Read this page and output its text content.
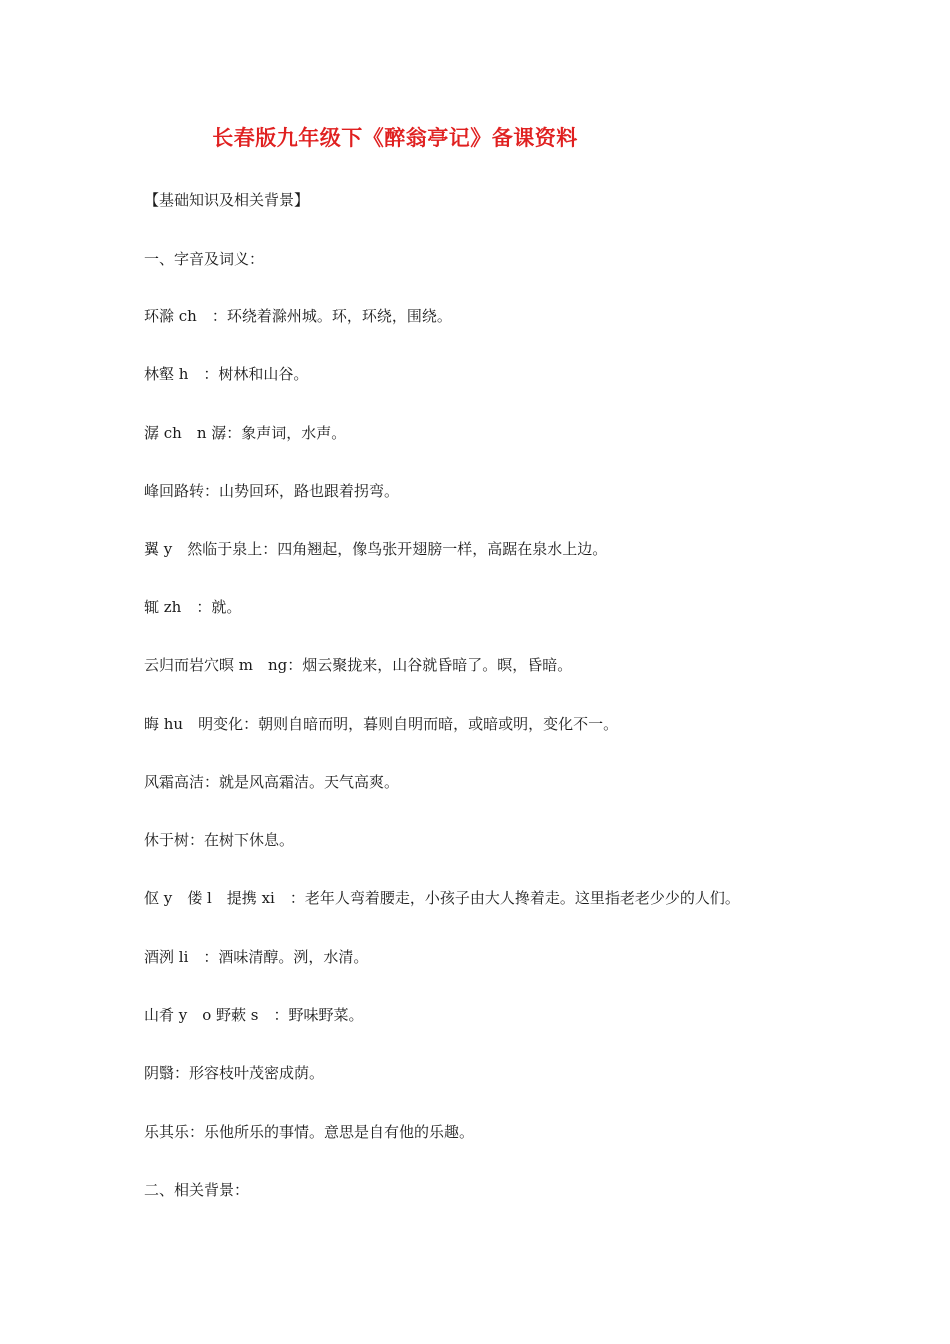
长春版九年级下《醉翁亭记》备课资料
【基础知识及相关背景】
一、字音及词义：
环滁 ch　：环绕着滁州城。环，环绕，围绕。
林壑 h　：树林和山谷。
潺 ch　n 潺：象声词，水声。
峰回路转：山势回环，路也跟着拐弯。
翼 y　然临于泉上：四角翘起，像鸟张开翅膀一样，高踞在泉水上边。
辄 zh　：就。
云归而岩穴暝 m　ng：烟云聚拢来，山谷就昏暗了。暝，昏暗。
晦 hu　明变化：朝则自暗而明，暮则自明而暗，或暗或明，变化不一。
风霜高洁：就是风高霜洁。天气高爽。
休于树：在树下休息。
伛 y　偻 l　提携 xi　：老年人弯着腰走，小孩子由大人搀着走。这里指老老少少的人们。
酒洌 li　：酒味清醇。洌，水清。
山肴 y　o 野蔌 s　：野味野菜。
阴翳：形容枝叶茂密成荫。
乐其乐：乐他所乐的事情。意思是自有他的乐趣。
二、相关背景：
